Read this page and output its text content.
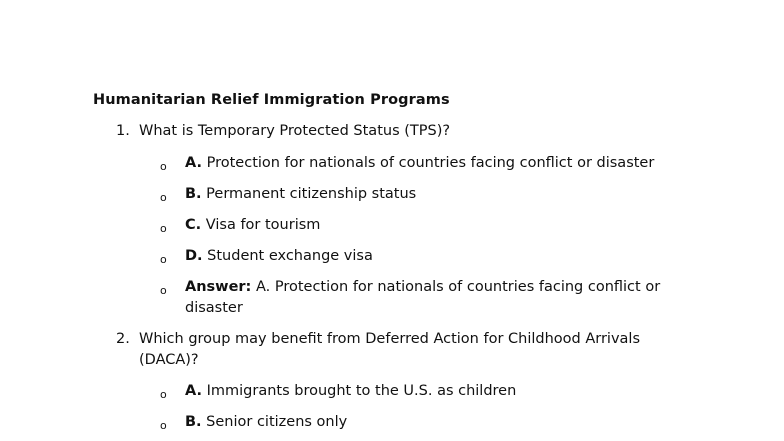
Humanitarian Relief Immigration Programs
1. What is Temporary Protected Status (TPS)?
o A. Protection for nationals of countries facing conflict or disaster
o B. Permanent citizenship status
o C. Visa for tourism
o D. Student exchange visa
o Answer: A. Protection for nationals of countries facing conflict or disaster
2. Which group may benefit from Deferred Action for Childhood Arrivals (DACA)?
o A. Immigrants brought to the U.S. as children
o B. Senior citizens only
